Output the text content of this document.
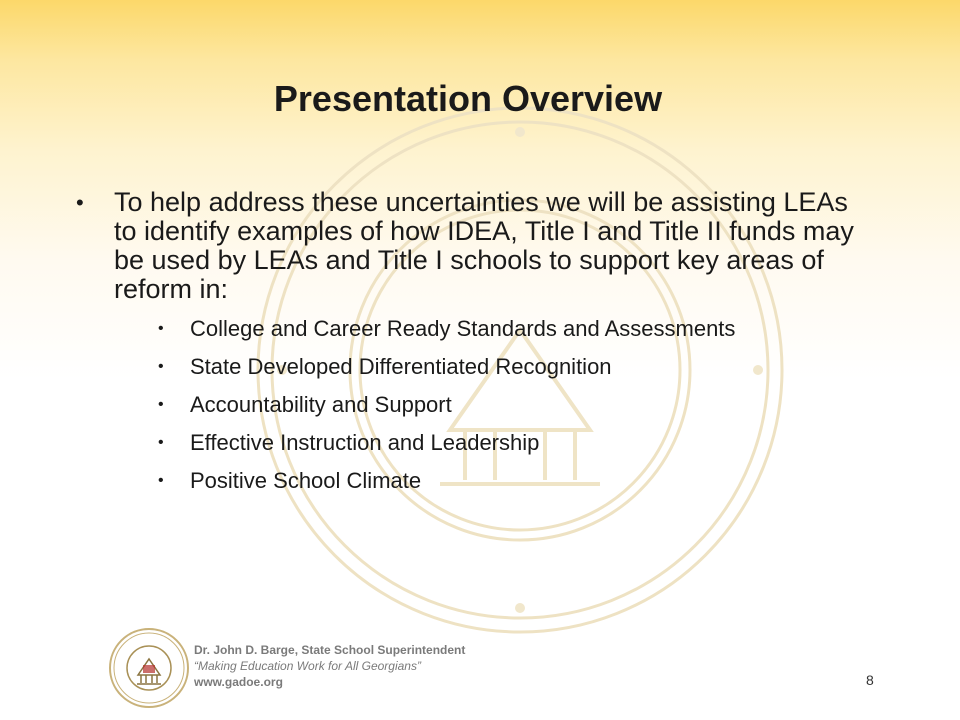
Presentation Overview
• To help address these uncertainties we will be assisting LEAs to identify examples of how IDEA, Title I and Title II funds may be used by LEAs and Title I schools to support key areas of reform in:
• College and Career Ready Standards and Assessments
• State Developed Differentiated Recognition
• Accountability and Support
• Effective Instruction and Leadership
• Positive School Climate
Dr. John D. Barge, State School Superintendent
“Making Education Work for All Georgians”
www.gadoe.org	8
